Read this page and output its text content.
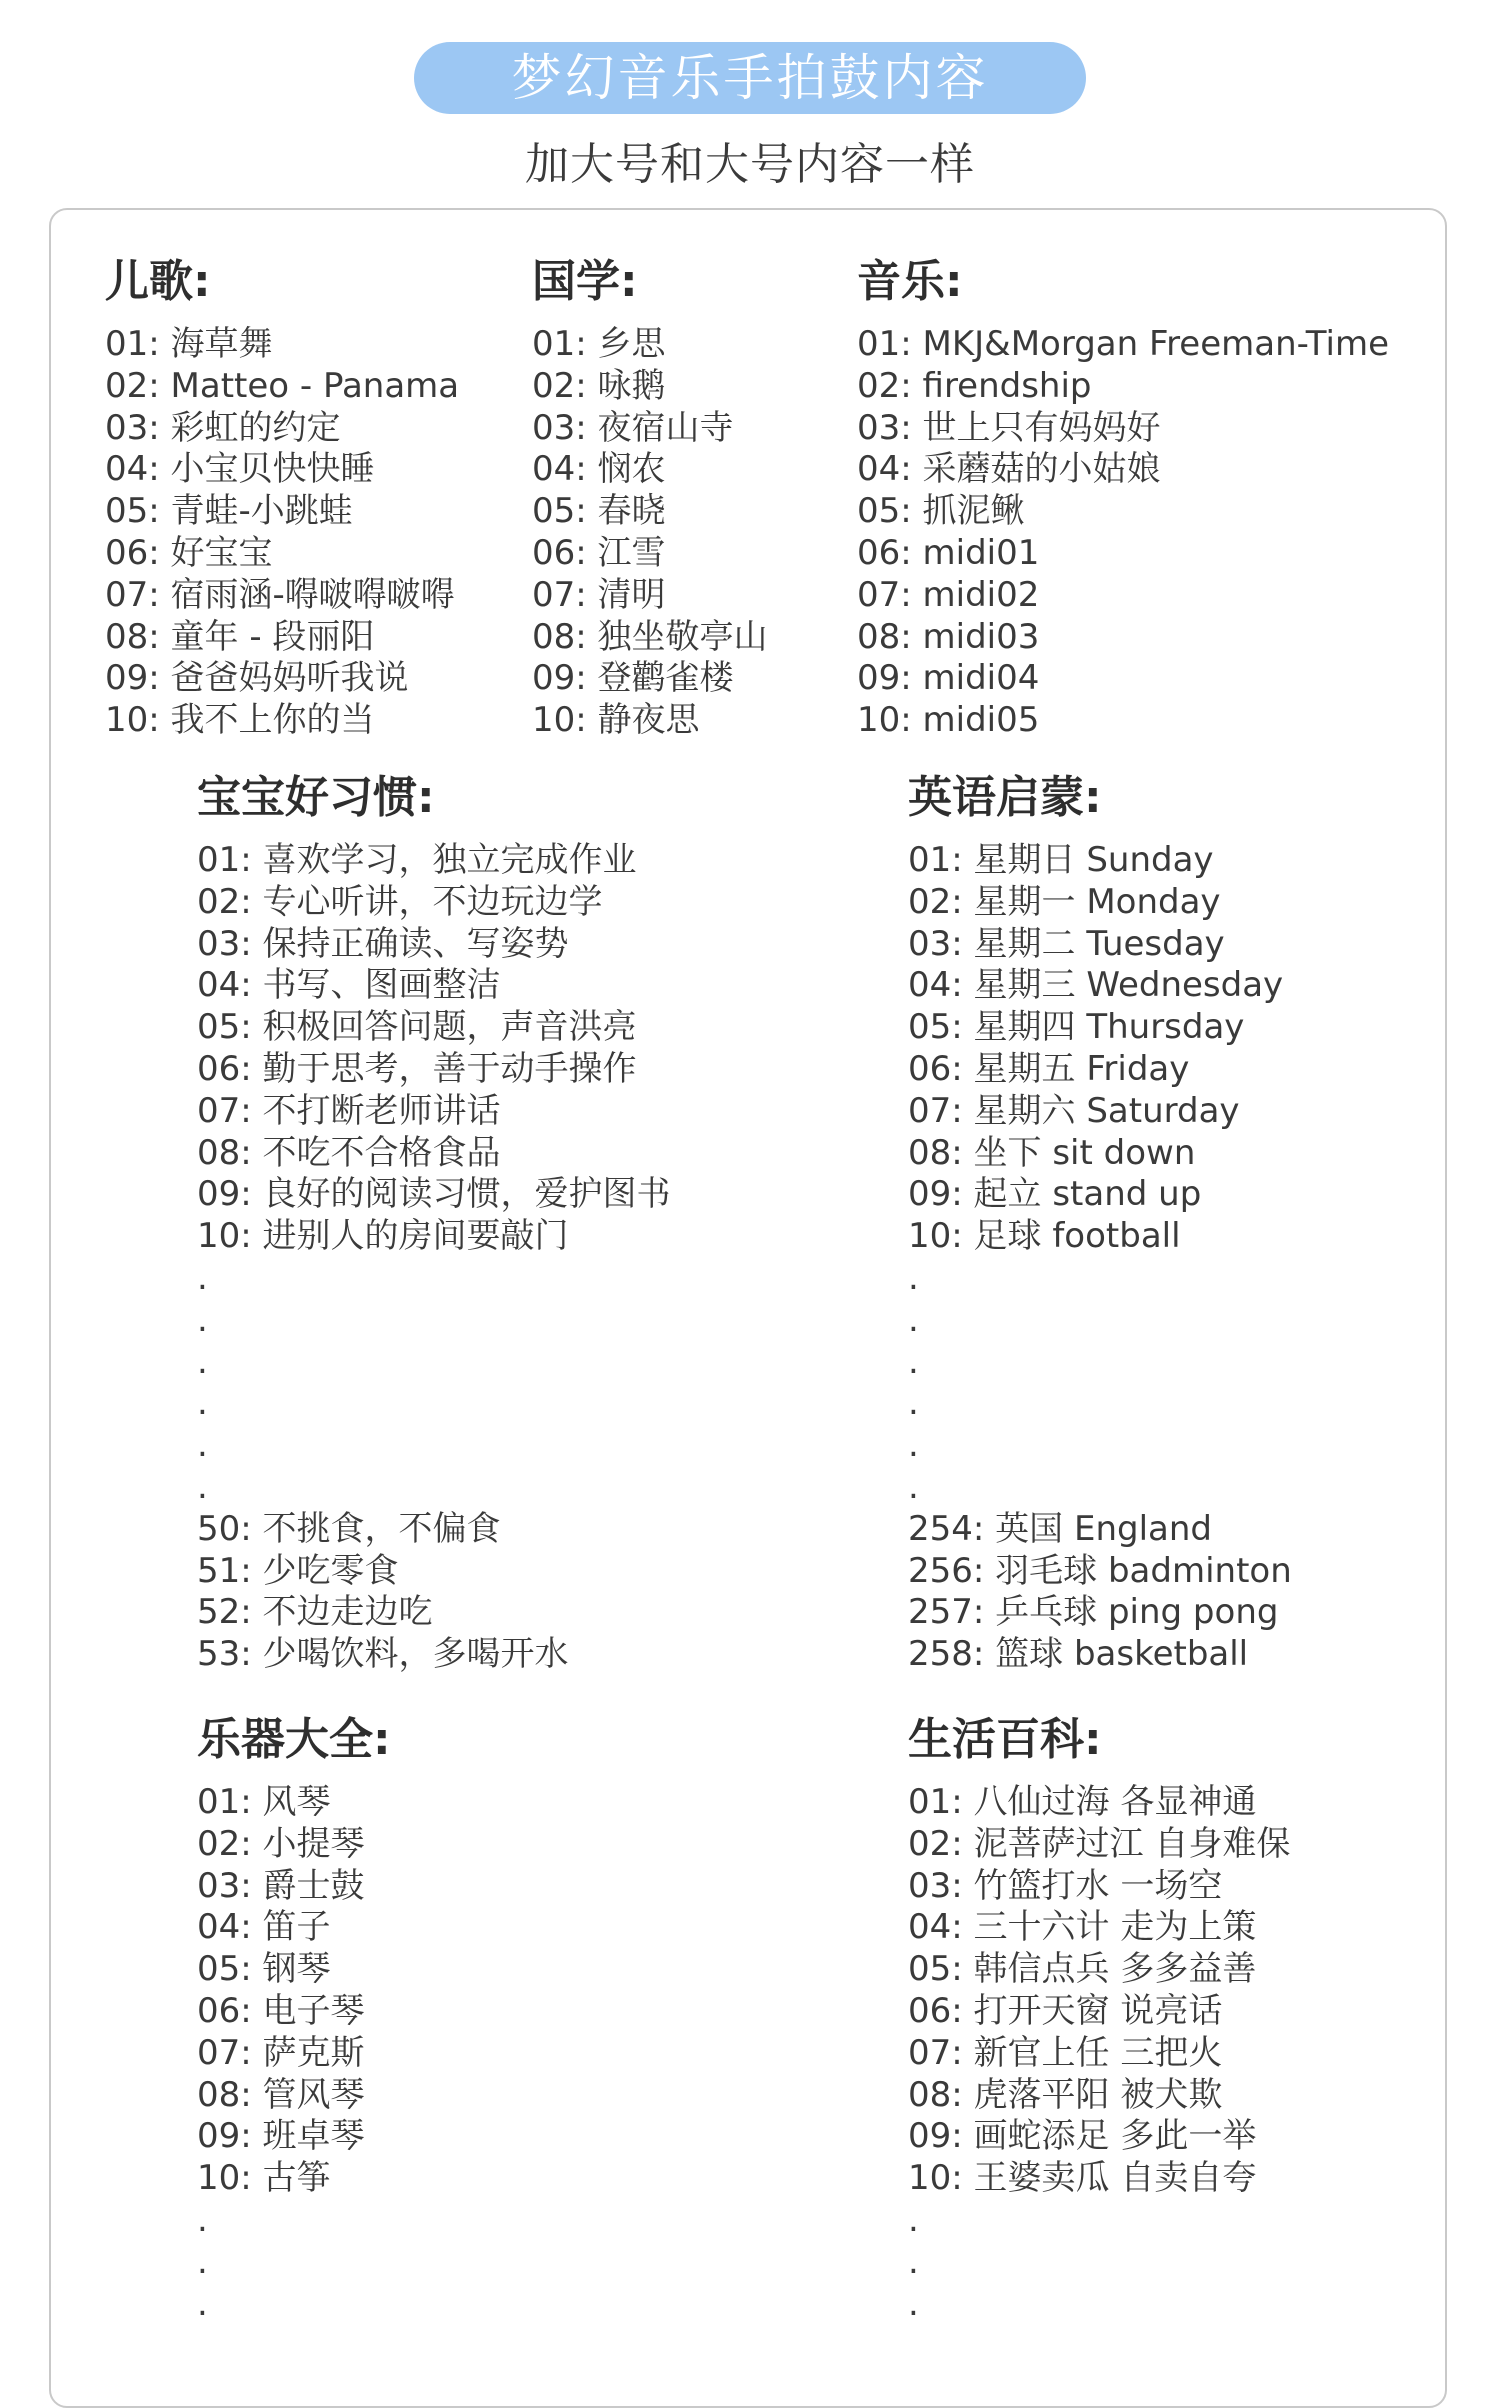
梦幻音乐手拍鼓内容
加大号和大号内容一样
儿歌:
01: 海草舞
02: Matteo - Panama
03: 彩虹的约定
04: 小宝贝快快睡
05: 青蛙-小跳蛙
06: 好宝宝
07: 宿雨涵-嘚啵嘚啵嘚
08: 童年 - 段丽阳
09: 爸爸妈妈听我说
10: 我不上你的当
国学:
01: 乡思
02: 咏鹅
03: 夜宿山寺
04: 悯农
05: 春晓
06: 江雪
07: 清明
08: 独坐敬亭山
09: 登鹳雀楼
10: 静夜思
音乐:
01: MKJ&Morgan Freeman-Time
02: firendship
03: 世上只有妈妈好
04: 采蘑菇的小姑娘
05: 抓泥鳅
06: midi01
07: midi02
08: midi03
09: midi04
10: midi05
宝宝好习惯:
01: 喜欢学习，独立完成作业
02: 专心听讲，不边玩边学
03: 保持正确读、写姿势
04: 书写、图画整洁
05: 积极回答问题，声音洪亮
06: 勤于思考，善于动手操作
07: 不打断老师讲话
08: 不吃不合格食品
09: 良好的阅读习惯，爱护图书
10: 进别人的房间要敲门
.
.
.
.
.
.
50: 不挑食，不偏食
51: 少吃零食
52: 不边走边吃
53: 少喝饮料，多喝开水
英语启蒙:
01: 星期日 Sunday
02: 星期一 Monday
03: 星期二 Tuesday
04: 星期三 Wednesday
05: 星期四 Thursday
06: 星期五 Friday
07: 星期六 Saturday
08: 坐下 sit down
09: 起立 stand up
10: 足球 football
.
.
.
.
.
.
254: 英国 England
256: 羽毛球 badminton
257: 乒乓球 ping pong
258: 篮球 basketball
乐器大全:
01: 风琴
02: 小提琴
03: 爵士鼓
04: 笛子
05: 钢琴
06: 电子琴
07: 萨克斯
08: 管风琴
09: 班卓琴
10: 古筝
.
.
.
生活百科:
01: 八仙过海 各显神通
02: 泥菩萨过江 自身难保
03: 竹篮打水 一场空
04: 三十六计 走为上策
05: 韩信点兵 多多益善
06: 打开天窗 说亮话
07: 新官上任 三把火
08: 虎落平阳 被犬欺
09: 画蛇添足 多此一举
10: 王婆卖瓜 自卖自夸
.
.
.
